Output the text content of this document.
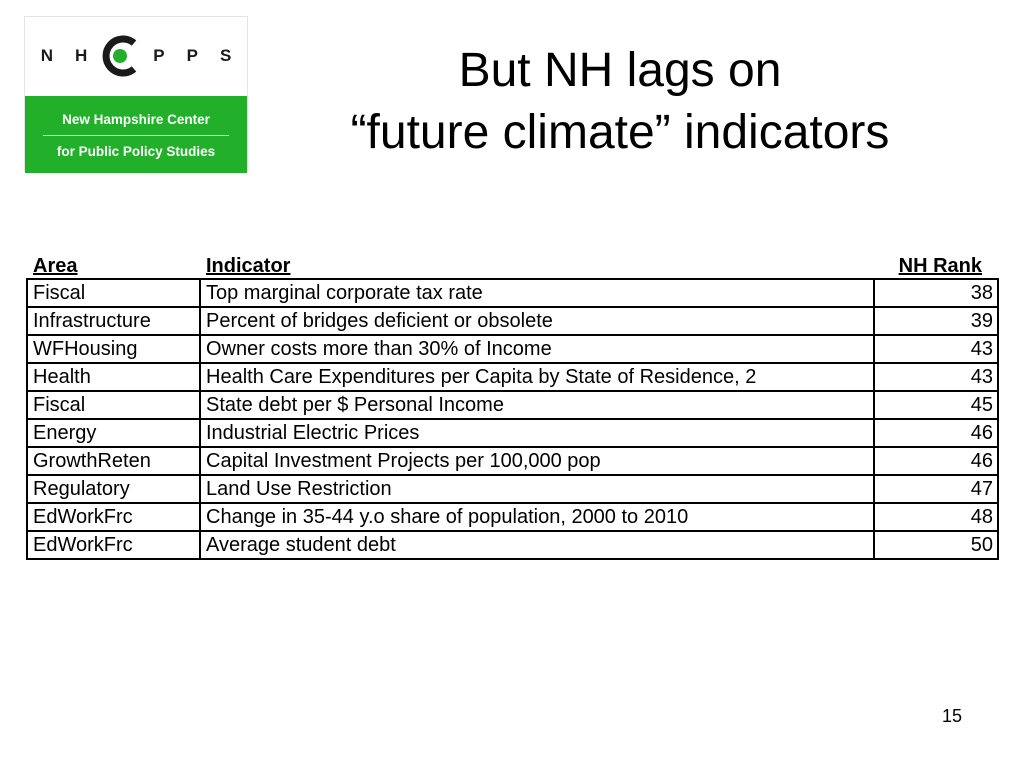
N H	P P S
New Hampshire Center
for Public Policy Studies
But NH lags on
“future climate” indicators
Area	Indicator	NH Rank
Fiscal	Top marginal corporate tax rate	38
Infrastructure	Percent of bridges deficient or obsolete	39
WFHousing	Owner costs more than 30% of Income	43
Health	Health Care Expenditures per Capita by State of Residence, 2	43
Fiscal	State debt per $ Personal Income	45
Energy	Industrial Electric Prices	46
GrowthReten	Capital Investment Projects per 100,000 pop	46
Regulatory	Land Use Restriction	47
EdWorkFrc	Change in 35-44 y.o share of population, 2000 to 2010	48
EdWorkFrc	Average student debt	50
15
